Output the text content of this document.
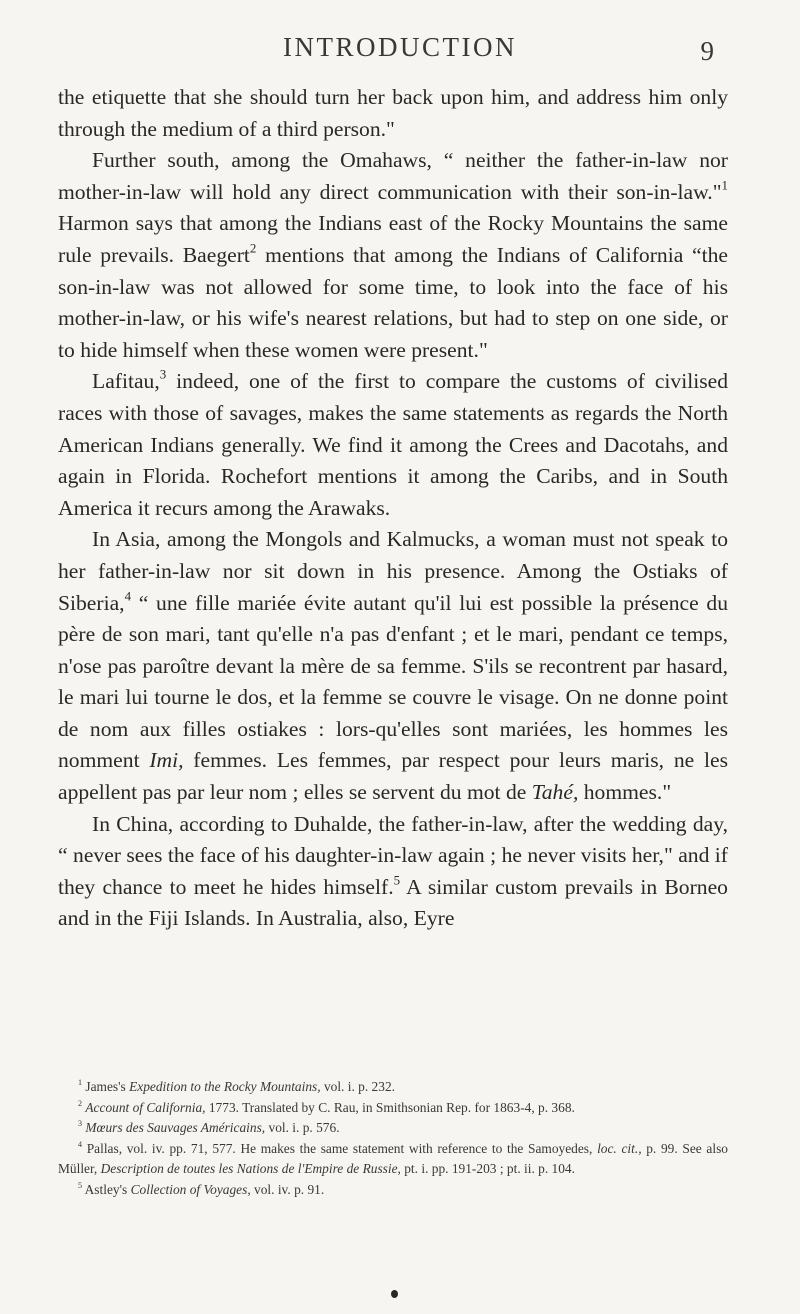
INTRODUCTION	9

the etiquette that she should turn her back upon him, and address him only through the medium of a third person."

Further south, among the Omahaws, “ neither the father-in-law nor mother-in-law will hold any direct communication with their son-in-law."$^1$ Harmon says that among the Indians east of the Rocky Mountains the same rule prevails. Baegert$^2$ mentions that among the Indians of California “the son-in-law was not allowed for some time, to look into the face of his mother-in-law, or his wife's nearest relations, but had to step on one side, or to hide himself when these women were present."

Lafitau,$^3$ indeed, one of the first to compare the customs of civilised races with those of savages, makes the same statements as regards the North American Indians generally. We find it among the Crees and Dacotahs, and again in Florida. Rochefort mentions it among the Caribs, and in South America it recurs among the Arawaks.

In Asia, among the Mongols and Kalmucks, a woman must not speak to her father-in-law nor sit down in his presence. Among the Ostiaks of Siberia,$^4$ “ une fille mariée évite autant qu'il lui est possible la présence du père de son mari, tant qu'elle n'a pas d'enfant ; et le mari, pendant ce temps, n'ose pas paroître devant la mère de sa femme. S'ils se recontrent par hasard, le mari lui tourne le dos, et la femme se couvre le visage. On ne donne point de nom aux filles ostiakes : lors-qu'elles sont mariées, les hommes les nomment Imi, femmes. Les femmes, par respect pour leurs maris, ne les appellent pas par leur nom ; elles se servent du mot de Tahé, hommes."

In China, according to Duhalde, the father-in-law, after the wedding day, “ never sees the face of his daughter-in-law again ; he never visits her," and if they chance to meet he hides himself.$^5$ A similar custom prevails in Borneo and in the Fiji Islands. In Australia, also, Eyre

$^1$ James's Expedition to the Rocky Mountains, vol. i. p. 232.

$^2$ Account of California, 1773. Translated by C. Rau, in Smithsonian Rep. for 1863-4, p. 368.

$^3$ Mœurs des Sauvages Américains, vol. i. p. 576.

$^4$ Pallas, vol. iv. pp. 71, 577. He makes the same statement with reference to the Samoyedes, loc. cit., p. 99. See also Müller, Description de toutes les Nations de l'Empire de Russie, pt. i. pp. 191-203 ; pt. ii. p. 104.

$^5$ Astley's Collection of Voyages, vol. iv. p. 91.
